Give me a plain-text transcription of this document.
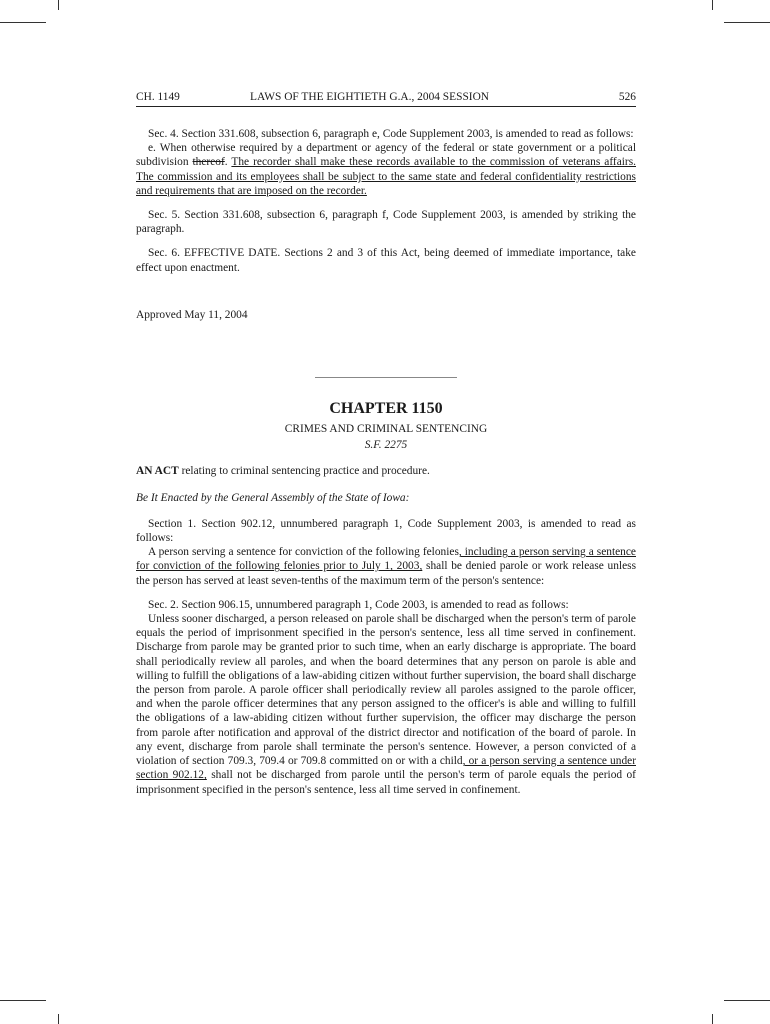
CH. 1149	LAWS OF THE EIGHTIETH G.A., 2004 SESSION	526

Sec. 4. Section 331.608, subsection 6, paragraph e, Code Supplement 2003, is amended to read as follows:

e. When otherwise required by a department or agency of the federal or state government or a political subdivision thereof. The recorder shall make these records available to the commission of veterans affairs. The commission and its employees shall be subject to the same state and federal confidentiality restrictions and requirements that are imposed on the recorder.

Sec. 5. Section 331.608, subsection 6, paragraph f, Code Supplement 2003, is amended by striking the paragraph.

Sec. 6. EFFECTIVE DATE. Sections 2 and 3 of this Act, being deemed of immediate importance, take effect upon enactment.

Approved May 11, 2004

CHAPTER 1150
CRIMES AND CRIMINAL SENTENCING
S.F. 2275

AN ACT relating to criminal sentencing practice and procedure.

Be It Enacted by the General Assembly of the State of Iowa:

Section 1. Section 902.12, unnumbered paragraph 1, Code Supplement 2003, is amended to read as follows:

A person serving a sentence for conviction of the following felonies, including a person serving a sentence for conviction of the following felonies prior to July 1, 2003, shall be denied parole or work release unless the person has served at least seven-tenths of the maximum term of the person's sentence:

Sec. 2. Section 906.15, unnumbered paragraph 1, Code 2003, is amended to read as follows:

Unless sooner discharged, a person released on parole shall be discharged when the person's term of parole equals the period of imprisonment specified in the person's sentence, less all time served in confinement. Discharge from parole may be granted prior to such time, when an early discharge is appropriate. The board shall periodically review all paroles, and when the board determines that any person on parole is able and willing to fulfill the obligations of a law-abiding citizen without further supervision, the board shall discharge the person from parole. A parole officer shall periodically review all paroles assigned to the parole officer, and when the parole officer determines that any person assigned to the officer's is able and willing to fulfill the obligations of a law-abiding citizen without further supervision, the officer may discharge the person from parole after notification and approval of the district director and notification of the board of parole. In any event, discharge from parole shall terminate the person's sentence. However, a person convicted of a violation of section 709.3, 709.4 or 709.8 committed on or with a child, or a person serving a sentence under section 902.12, shall not be discharged from parole until the person's term of parole equals the period of imprisonment specified in the person's sentence, less all time served in confinement.
